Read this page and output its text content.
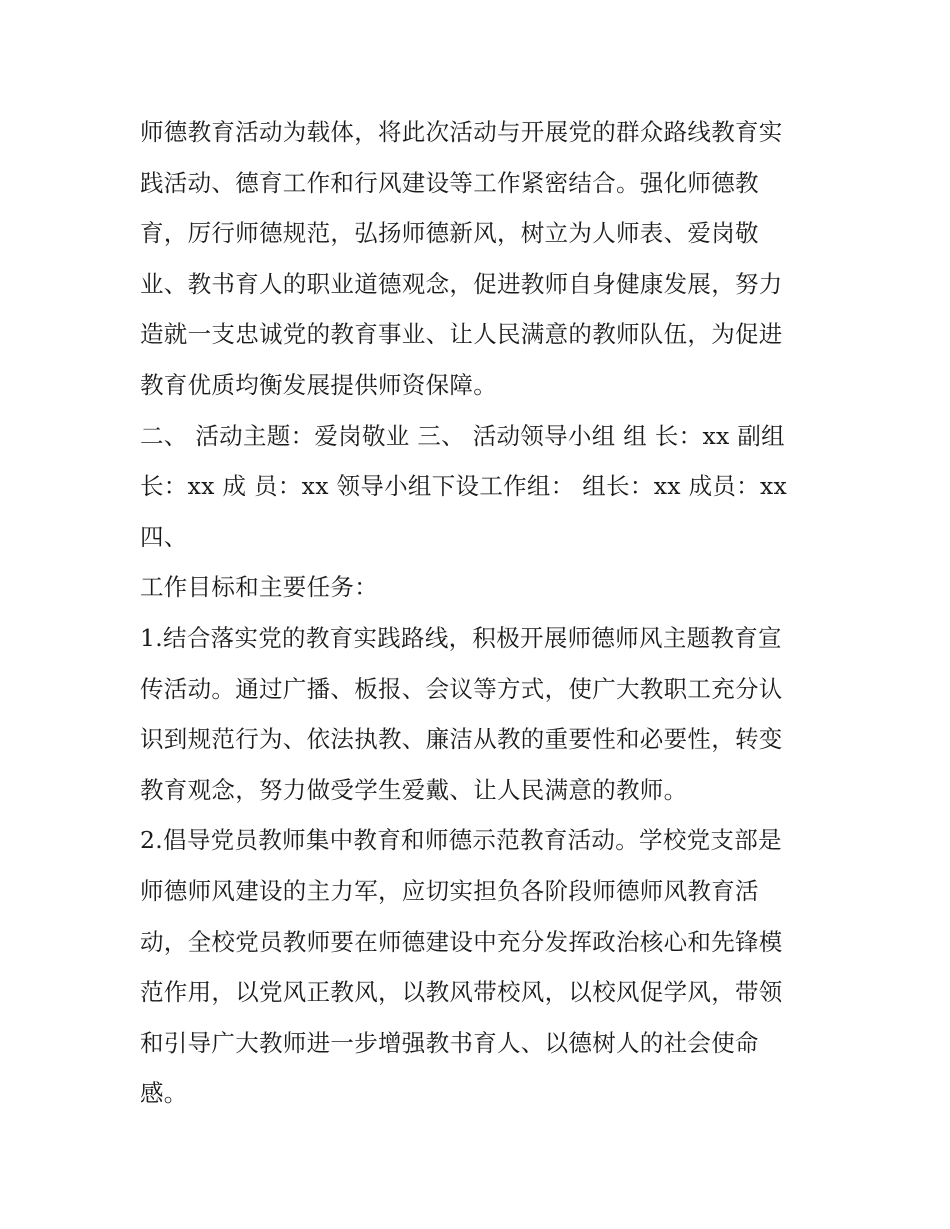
师德教育活动为载体，将此次活动与开展党的群众路线教育实
践活动、德育工作和行风建设等工作紧密结合。强化师德教
育，厉行师德规范，弘扬师德新风，树立为人师表、爱岗敬
业、教书育人的职业道德观念，促进教师自身健康发展，努力
造就一支忠诚党的教育事业、让人民满意的教师队伍，为促进
教育优质均衡发展提供师资保障。
二、 活动主题：爱岗敬业 三、 活动领导小组 组 长：xx 副组
长：xx 成 员：xx 领导小组下设工作组： 组长：xx 成员：xx
四、
工作目标和主要任务：
1.结合落实党的教育实践路线，积极开展师德师风主题教育宣
传活动。通过广播、板报、会议等方式，使广大教职工充分认
识到规范行为、依法执教、廉洁从教的重要性和必要性，转变
教育观念，努力做受学生爱戴、让人民满意的教师。
2.倡导党员教师集中教育和师德示范教育活动。学校党支部是
师德师风建设的主力军，应切实担负各阶段师德师风教育活
动，全校党员教师要在师德建设中充分发挥政治核心和先锋模
范作用，以党风正教风，以教风带校风，以校风促学风，带领
和引导广大教师进一步增强教书育人、以德树人的社会使命
感。
